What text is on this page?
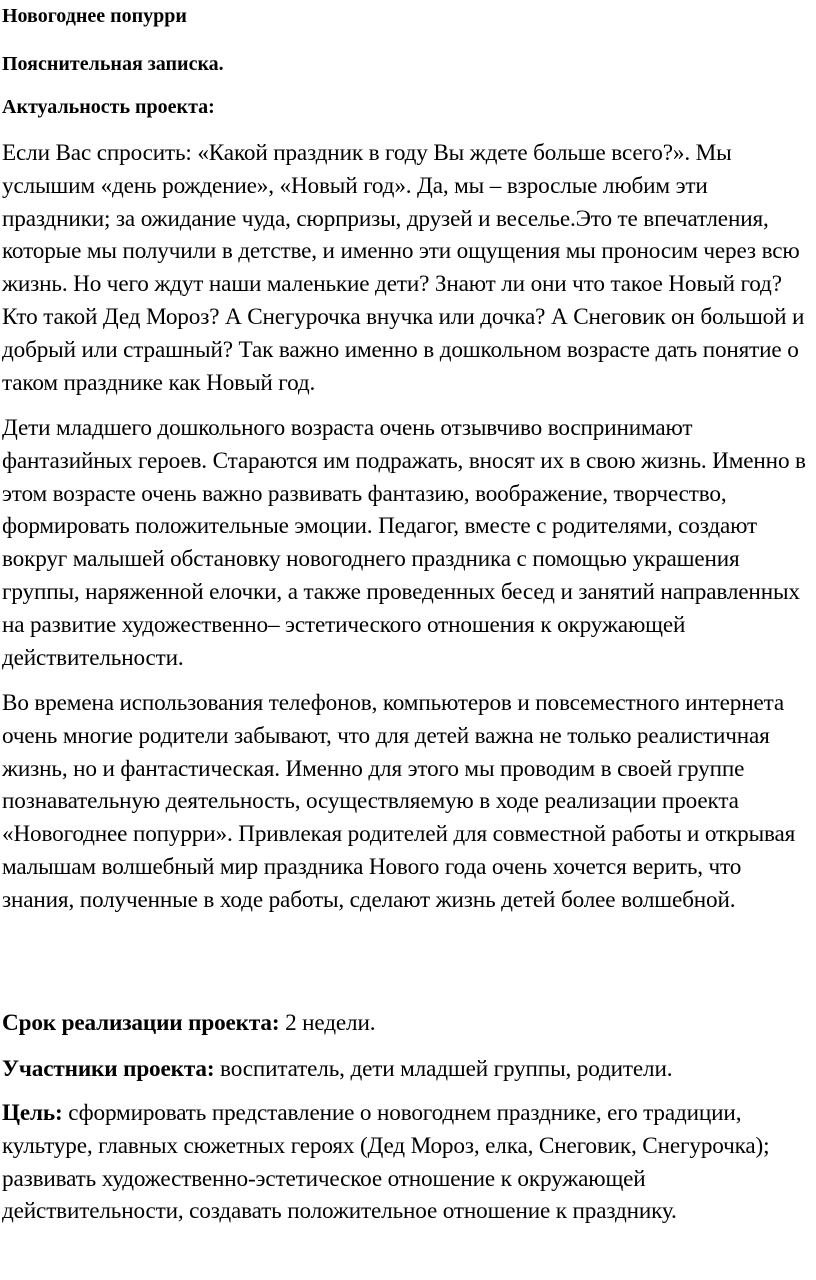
Новогоднее попурри

Пояснительная записка.

Актуальность проекта:

Если Вас спросить: «Какой праздник в году Вы ждете больше всего?». Мы услышим «день рождение», «Новый год». Да, мы – взрослые любим эти праздники; за ожидание чуда, сюрпризы, друзей и веселье.Это те впечатления, которые мы получили в детстве, и именно эти ощущения мы проносим через всю жизнь. Но чего ждут наши маленькие дети? Знают ли они что такое Новый год? Кто такой Дед Мороз? А Снегурочка внучка или дочка? А Снеговик он большой и добрый или страшный? Так важно именно в дошкольном возрасте дать понятие о таком празднике как Новый год.

Дети младшего дошкольного возраста очень отзывчиво воспринимают фантазийных героев. Стараются им подражать, вносят их в свою жизнь. Именно в этом возрасте очень важно развивать фантазию, воображение, творчество, формировать положительные эмоции. Педагог, вместе с родителями, создают вокруг малышей обстановку новогоднего праздника с помощью украшения группы, наряженной елочки, а также проведенных бесед и занятий направленных на развитие художественно– эстетического отношения к окружающей действительности.

Во времена использования телефонов, компьютеров и повсеместного интернета очень многие родители забывают, что для детей важна не только реалистичная жизнь, но и фантастическая. Именно для этого мы проводим в своей группе познавательную деятельность, осуществляемую в ходе реализации проекта «Новогоднее попурри». Привлекая родителей для совместной работы и открывая малышам волшебный мир праздника Нового года очень хочется верить, что знания, полученные в ходе работы, сделают жизнь детей более волшебной.

Срок реализации проекта: 2 недели.

Участники проекта: воспитатель, дети младшей группы, родители.

Цель: сформировать представление о новогоднем празднике, его традиции, культуре, главных сюжетных героях (Дед Мороз, елка, Снеговик, Снегурочка); развивать художественно-эстетическое отношение к окружающей действительности, создавать положительное отношение к празднику.
